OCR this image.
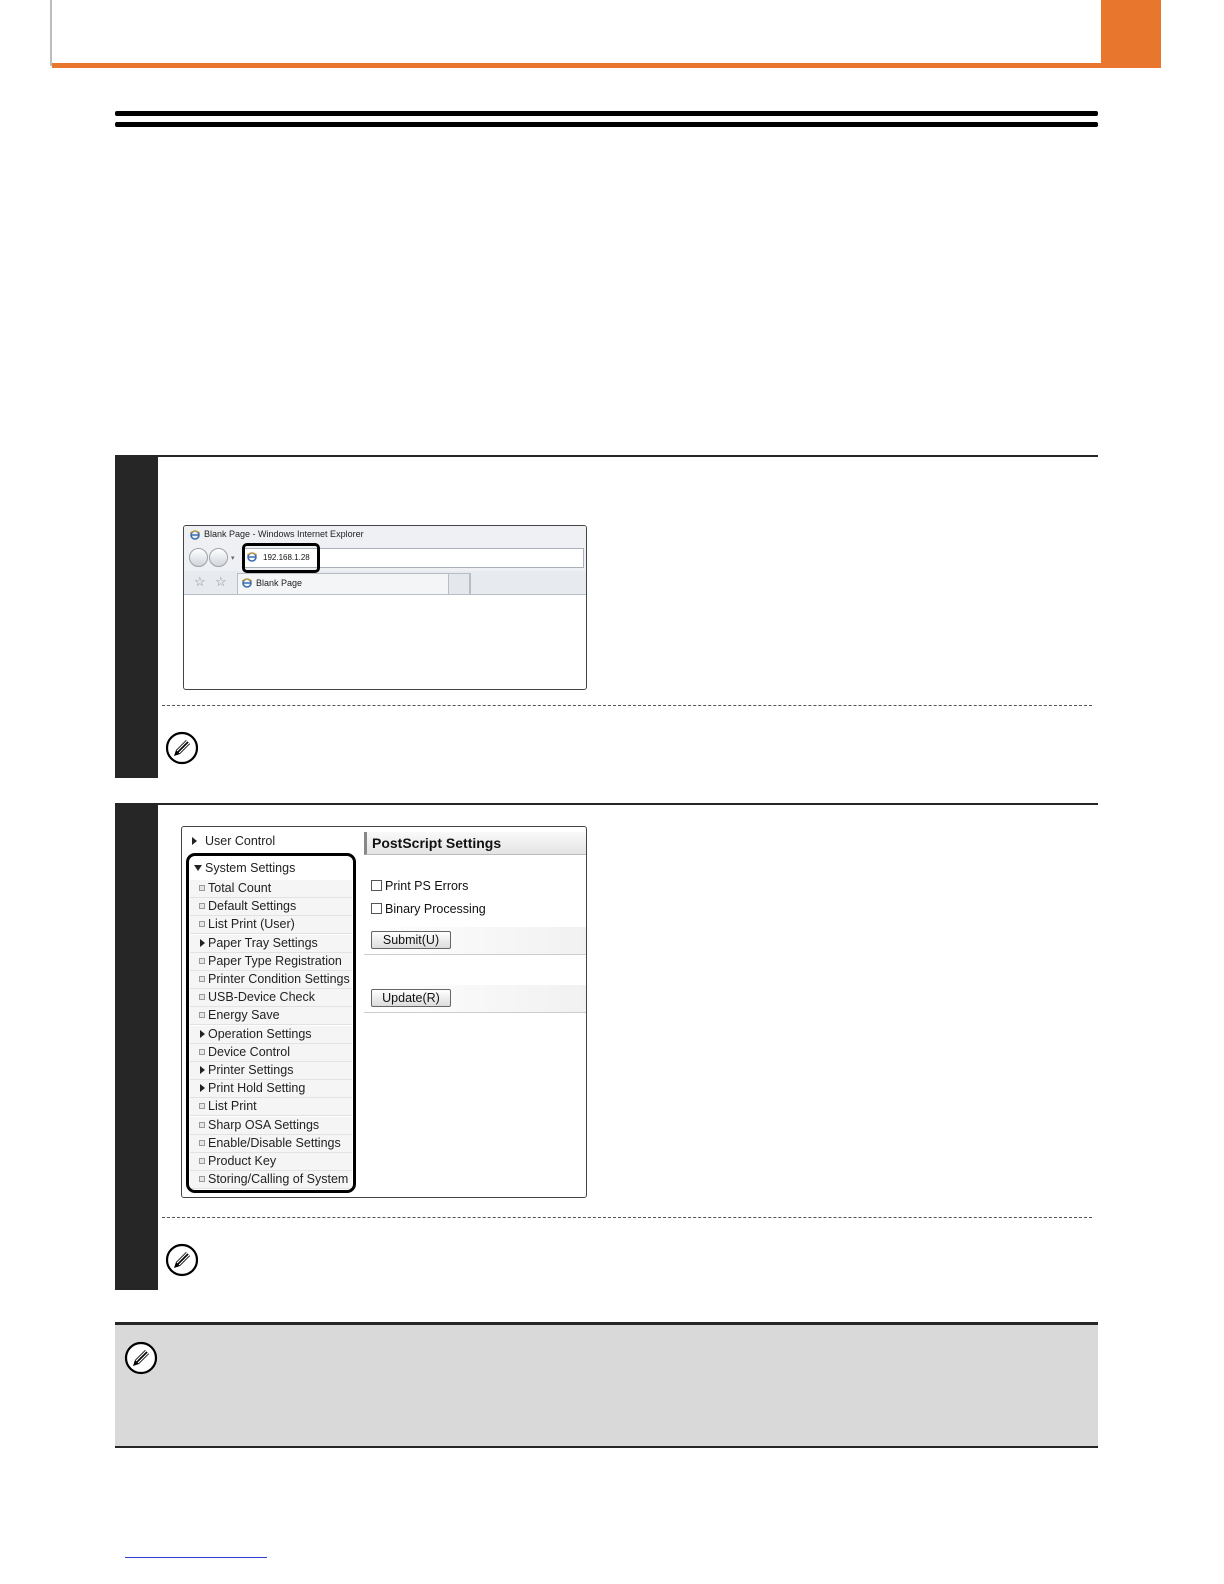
Blank Page - Windows Internet Explorer
▾	192.168.1.28
☆ ☆	Blank Page
User Control
System Settings
Total Count
Default Settings
List Print (User)
Paper Tray Settings
Paper Type Registration
Printer Condition Settings
USB-Device Check
Energy Save
Operation Settings
Device Control
Printer Settings
Print Hold Setting
List Print
Sharp OSA Settings
Enable/Disable Settings
Product Key
Storing/Calling of System
PostScript Settings
Print PS Errors
Binary Processing
Submit(U)
Update(R)
